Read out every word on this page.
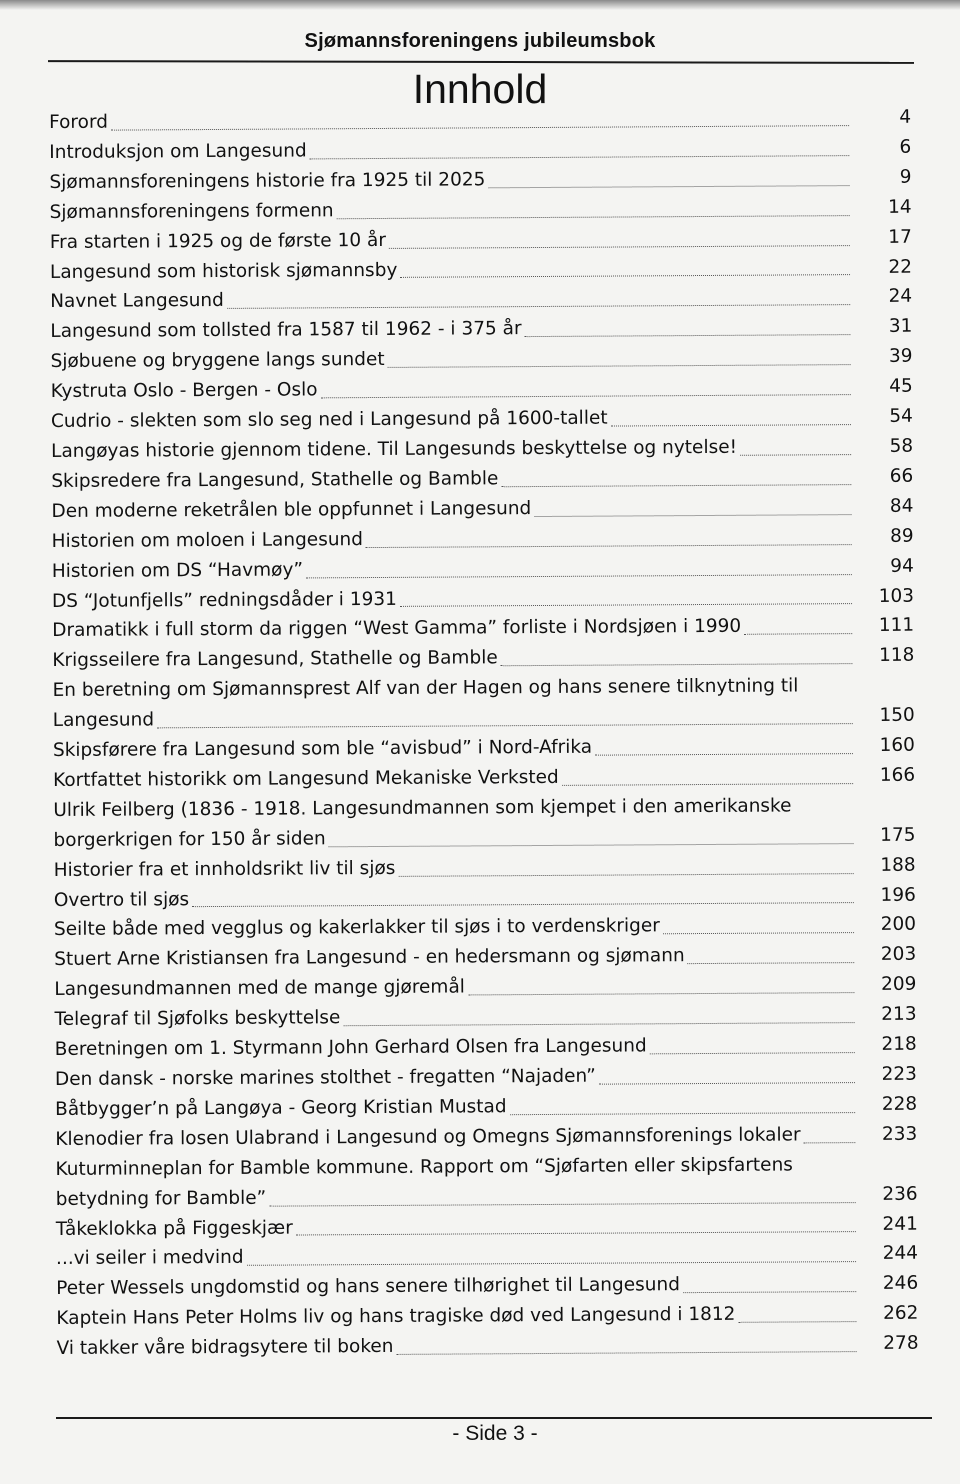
Sjømannsforeningens jubileumsbok
Innhold
Forord	4
Introduksjon om Langesund	6
Sjømannsforeningens historie fra 1925 til 2025	9
Sjømannsforeningens formenn	14
Fra starten i 1925 og de første 10 år	17
Langesund som historisk sjømannsby	22
Navnet Langesund	24
Langesund som tollsted fra 1587 til 1962 - i 375 år	31
Sjøbuene og bryggene langs sundet	39
Kystruta Oslo - Bergen - Oslo	45
Cudrio - slekten som slo seg ned i Langesund på 1600-tallet	54
Langøyas historie gjennom tidene. Til Langesunds beskyttelse og nytelse!	58
Skipsredere fra Langesund, Stathelle og Bamble	66
Den moderne reketrålen ble oppfunnet i Langesund	84
Historien om moloen i Langesund	89
Historien om DS “Havmøy”	94
DS “Jotunfjells” redningsdåder i 1931	103
Dramatikk i full storm da riggen “West Gamma” forliste i Nordsjøen i 1990	111
Krigsseilere fra Langesund, Stathelle og Bamble	118
En beretning om Sjømannsprest Alf van der Hagen og hans senere tilknytning til
Langesund	150
Skipsførere fra Langesund som ble “avisbud” i Nord-Afrika	160
Kortfattet historikk om Langesund Mekaniske Verksted	166
Ulrik Feilberg (1836 - 1918. Langesundmannen som kjempet i den amerikanske
borgerkrigen for 150 år siden	175
Historier fra et innholdsrikt liv til sjøs	188
Overtro til sjøs	196
Seilte både med vegglus og kakerlakker til sjøs i to verdenskriger	200
Stuert Arne Kristiansen fra Langesund - en hedersmann og sjømann	203
Langesundmannen med de mange gjøremål	209
Telegraf til Sjøfolks beskyttelse	213
Beretningen om 1. Styrmann John Gerhard Olsen fra Langesund	218
Den dansk - norske marines stolthet - fregatten “Najaden”	223
Båtbygger’n på Langøya - Georg Kristian Mustad	228
Klenodier fra losen Ulabrand i Langesund og Omegns Sjømannsforenings lokaler	233
Kuturminneplan for Bamble kommune. Rapport om “Sjøfarten eller skipsfartens
betydning for Bamble”	236
Tåkeklokka på Figgeskjær	241
...vi seiler i medvind	244
Peter Wessels ungdomstid og hans senere tilhørighet til Langesund	246
Kaptein Hans Peter Holms liv og hans tragiske død ved Langesund i 1812	262
Vi takker våre bidragsytere til boken	278
- Side 3 -
